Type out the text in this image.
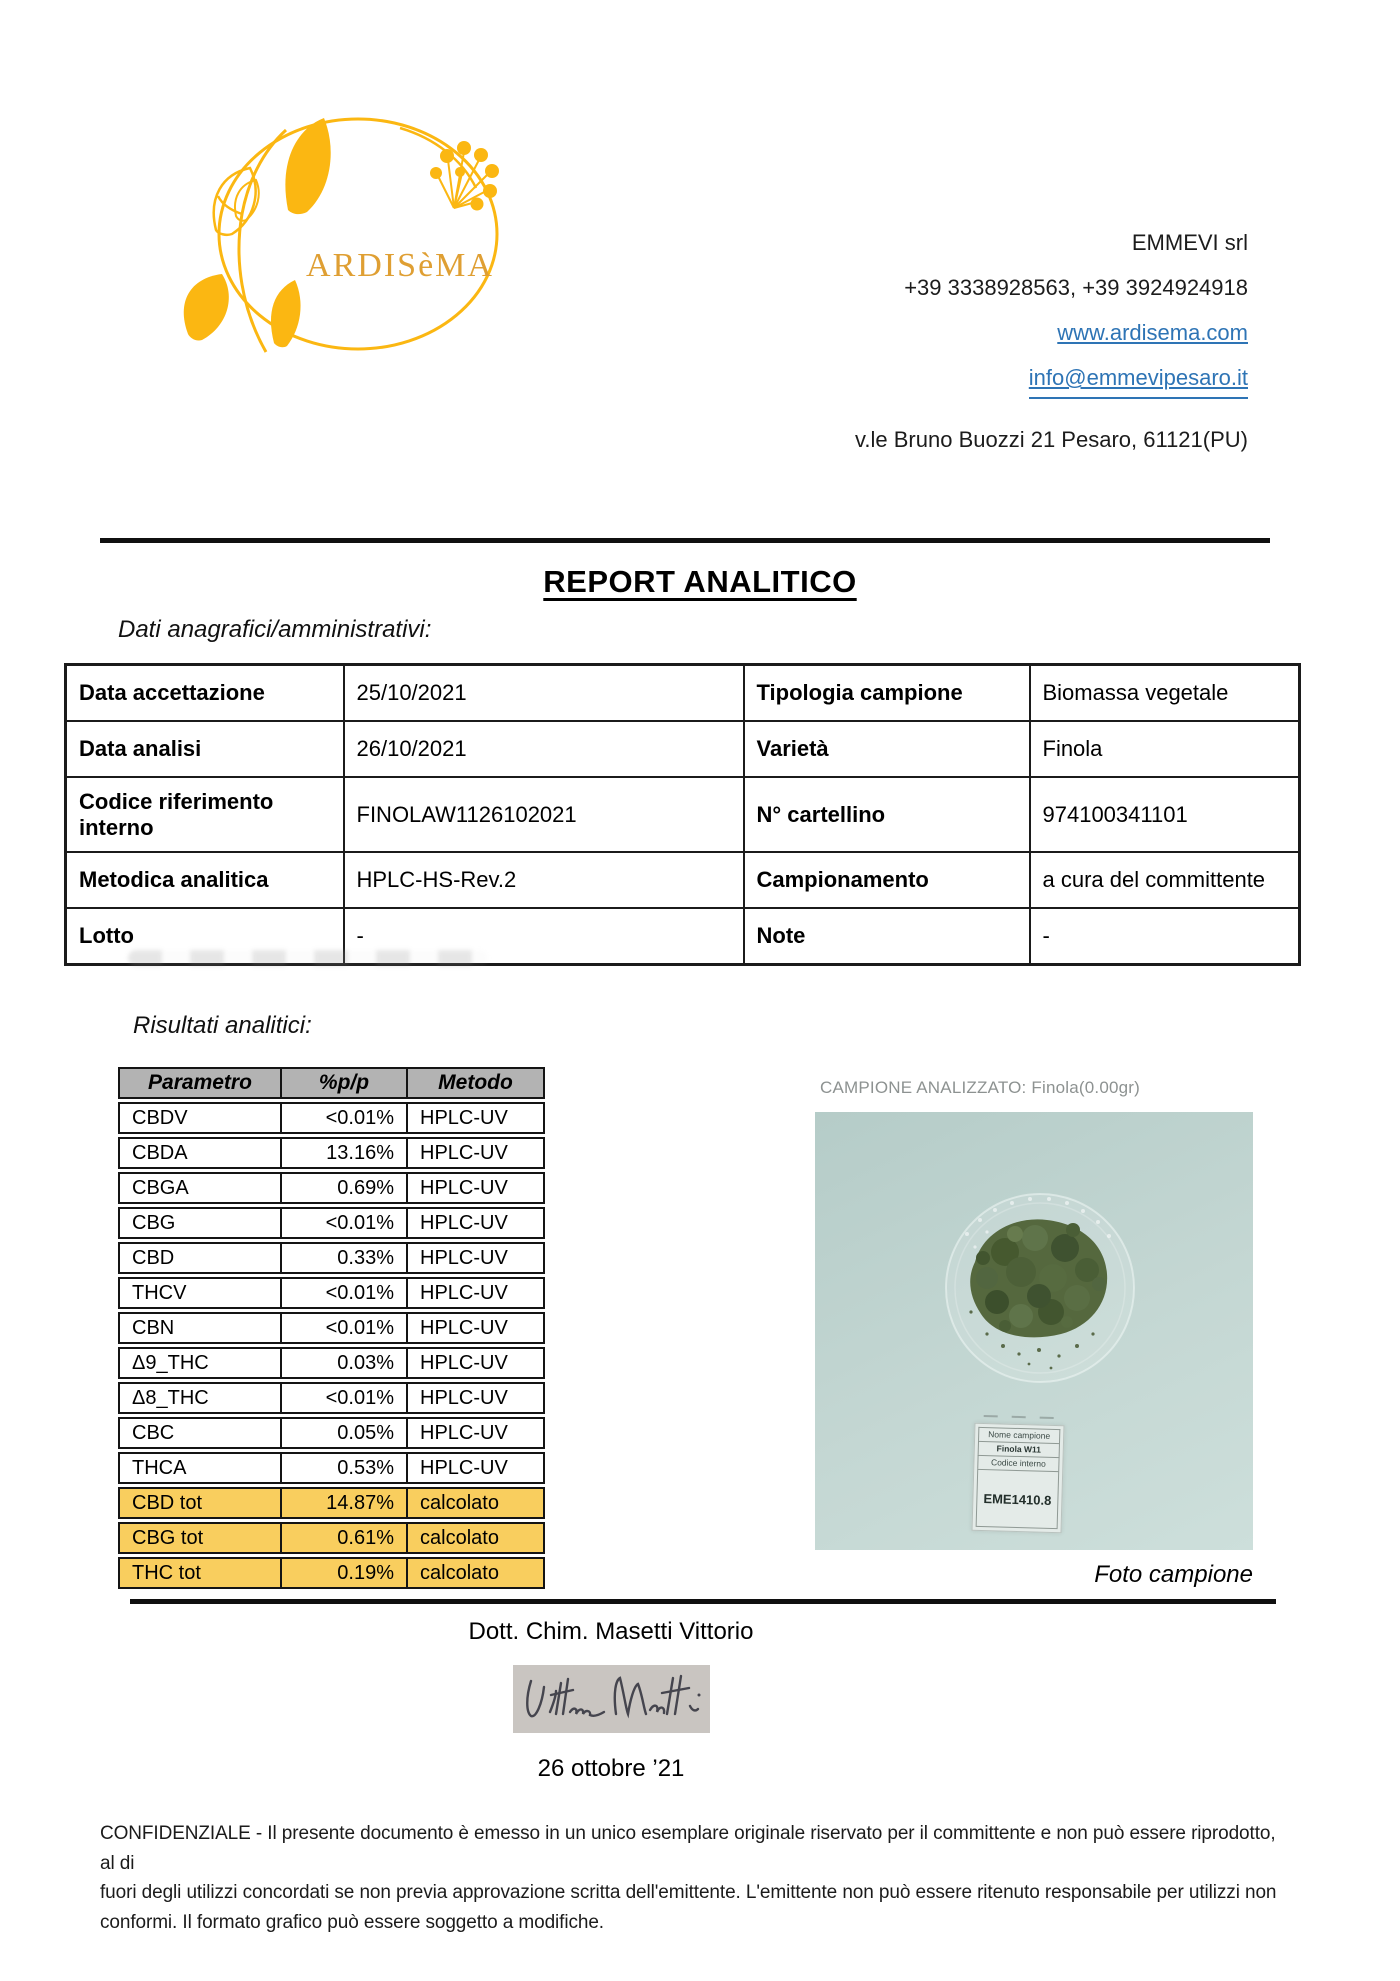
ARDISèMA
EMMEVI srl
+39 3338928563, +39 3924924918
www.ardisema.com
info@emmevipesaro.it
v.le Bruno Buozzi 21 Pesaro, 61121(PU)
REPORT ANALITICO
Dati anagrafici/amministrativi:
Data accettazione	25/10/2021	Tipologia campione	Biomassa vegetale
Data analisi	26/10/2021	Varietà	Finola
Codice riferimento interno	FINOLAW1126102021	N° cartellino	974100341101
Metodica analitica	HPLC-HS-Rev.2	Campionamento	a cura del committente
Lotto	-	Note	-
Risultati analitici:
Parametro	%p/p	Metodo
CBDV	<0.01%	HPLC-UV
CBDA	13.16%	HPLC-UV
CBGA	0.69%	HPLC-UV
CBG	<0.01%	HPLC-UV
CBD	0.33%	HPLC-UV
THCV	<0.01%	HPLC-UV
CBN	<0.01%	HPLC-UV
Δ9_THC	0.03%	HPLC-UV
Δ8_THC	<0.01%	HPLC-UV
CBC	0.05%	HPLC-UV
THCA	0.53%	HPLC-UV
CBD tot	14.87%	calcolato
CBG tot	0.61%	calcolato
THC tot	0.19%	calcolato
CAMPIONE ANALIZZATO: Finola(0.00gr)
Nome campione
Finola W11
Codice interno
EME1410.8
Foto campione
Dott. Chim. Masetti Vittorio
26 ottobre ’21
CONFIDENZIALE - Il presente documento è emesso in un unico esemplare originale riservato per il committente e non può essere riprodotto, al di
fuori degli utilizzi concordati se non previa approvazione scritta dell'emittente. L'emittente non può essere ritenuto responsabile per utilizzi non
conformi. Il formato grafico può essere soggetto a modifiche.
